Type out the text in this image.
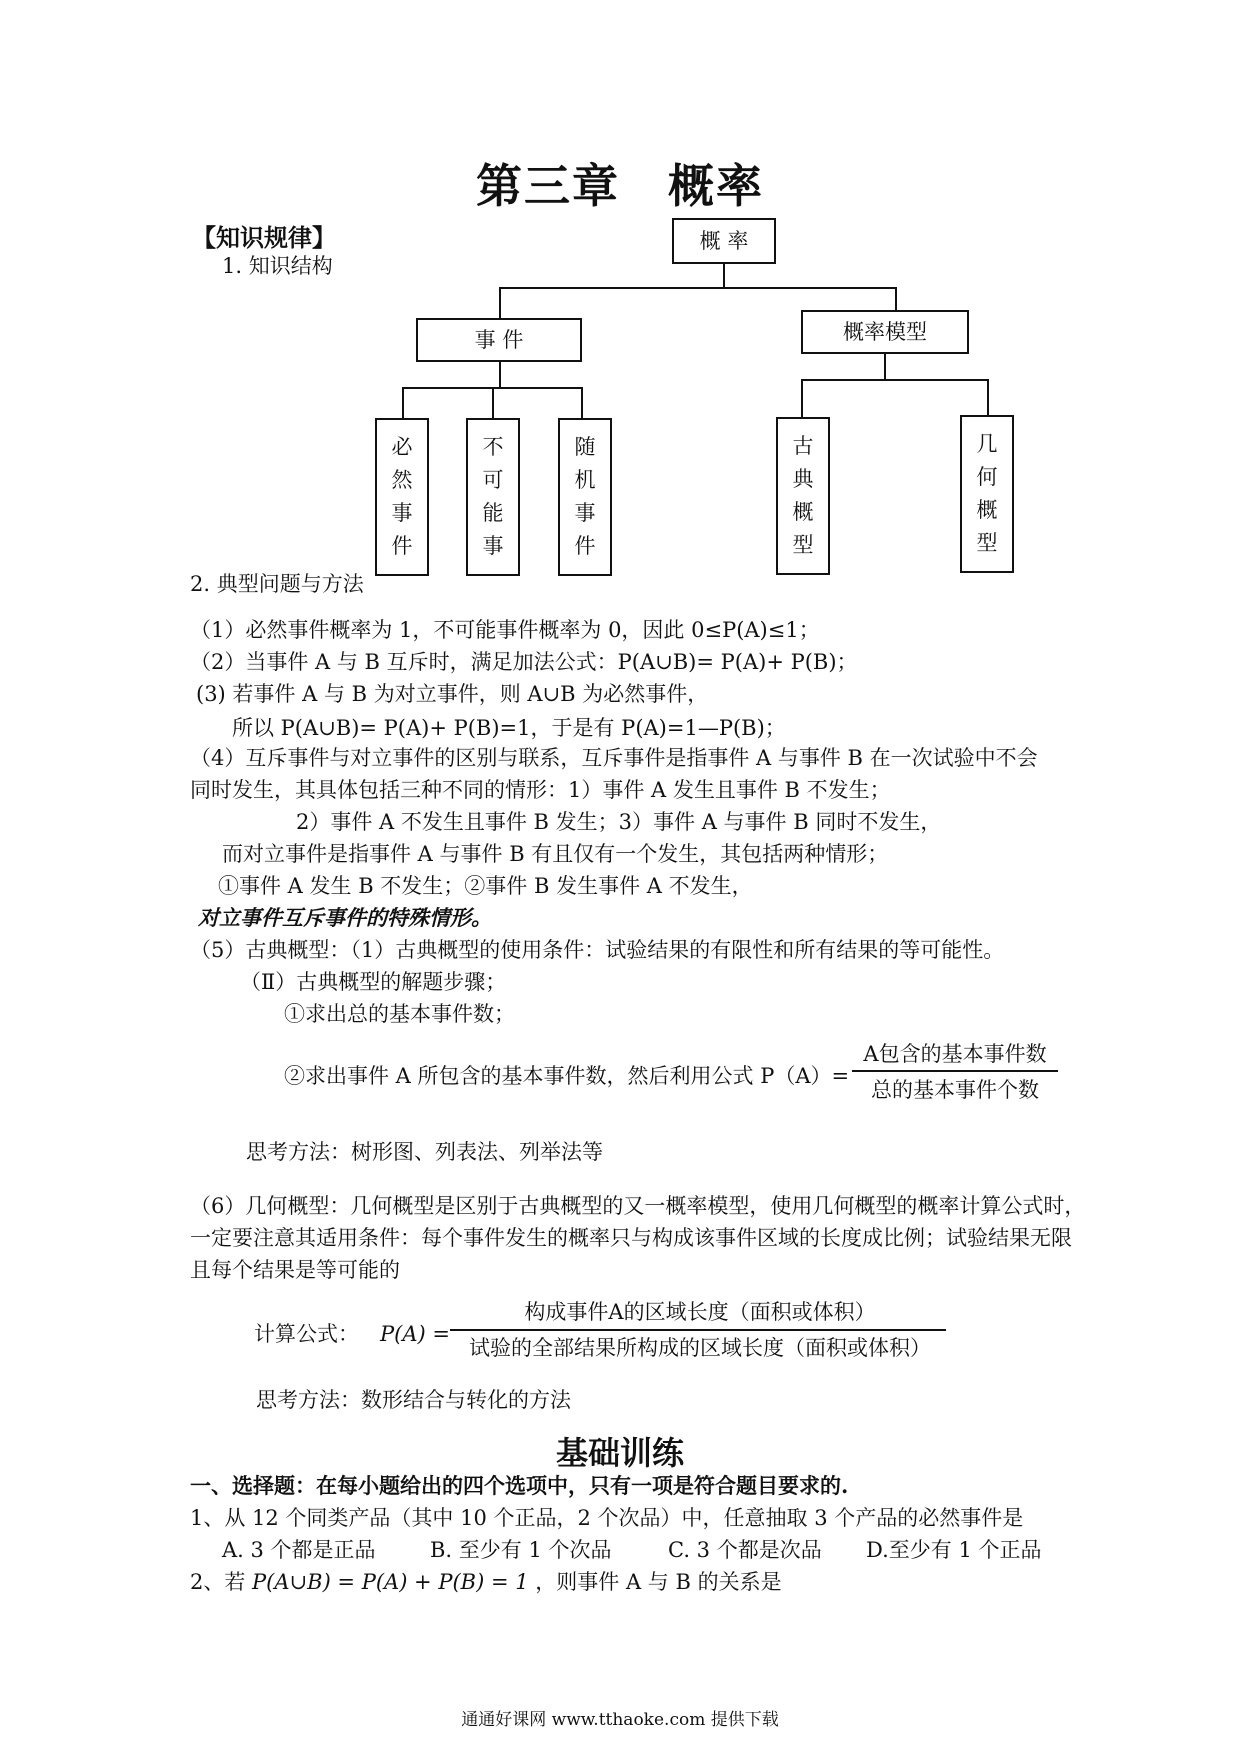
第三章　概率
【知识规律】
1. 知识结构
概 率
事 件	概率模型
必
然
事
件
不
可
能
事
随
机
事
件
古
典
概
型
几
何
概
型
2. 典型问题与方法
（1）必然事件概率为 1，不可能事件概率为 0，因此 0≤P(A)≤1；
（2）当事件 A 与 B 互斥时，满足加法公式：P(A∪B)= P(A)+ P(B)；
(3) 若事件 A 与 B 为对立事件，则 A∪B 为必然事件，
所以 P(A∪B)= P(A)+ P(B)=1，于是有 P(A)=1—P(B)；
（4）互斥事件与对立事件的区别与联系，互斥事件是指事件 A 与事件 B 在一次试验中不会
同时发生，其具体包括三种不同的情形：1）事件 A 发生且事件 B 不发生；
2）事件 A 不发生且事件 B 发生；3）事件 A 与事件 B 同时不发生，
而对立事件是指事件 A 与事件 B 有且仅有一个发生，其包括两种情形；
①事件 A 发生 B 不发生；②事件 B 发生事件 A 不发生，
对立事件互斥事件的特殊情形。
（5）古典概型：（1）古典概型的使用条件：试验结果的有限性和所有结果的等可能性。
（Ⅱ）古典概型的解题步骤；
①求出总的基本事件数；
②求出事件 A 所包含的基本事件数，然后利用公式 P（A）=
A包含的基本事件数
总的基本事件个数
思考方法：树形图、列表法、列举法等
（6）几何概型：几何概型是区别于古典概型的又一概率模型，使用几何概型的概率计算公式时，
一定要注意其适用条件：每个事件发生的概率只与构成该事件区域的长度成比例；试验结果无限
且每个结果是等可能的
计算公式： P(A) =
构成事件A的区域长度（面积或体积）
试验的全部结果所构成的区域长度（面积或体积）
思考方法：数形结合与转化的方法
基础训练
一、选择题：在每小题给出的四个选项中，只有一项是符合题目要求的.
1、从 12 个同类产品（其中 10 个正品，2 个次品）中，任意抽取 3 个产品的必然事件是
A. 3 个都是正品	B. 至少有 1 个次品	C. 3 个都是次品 D.至少有 1 个正品
2、若 P(A∪B) = P(A) + P(B) = 1 ，则事件 A 与 B 的关系是
通通好课网 www.tthaoke.com 提供下载
